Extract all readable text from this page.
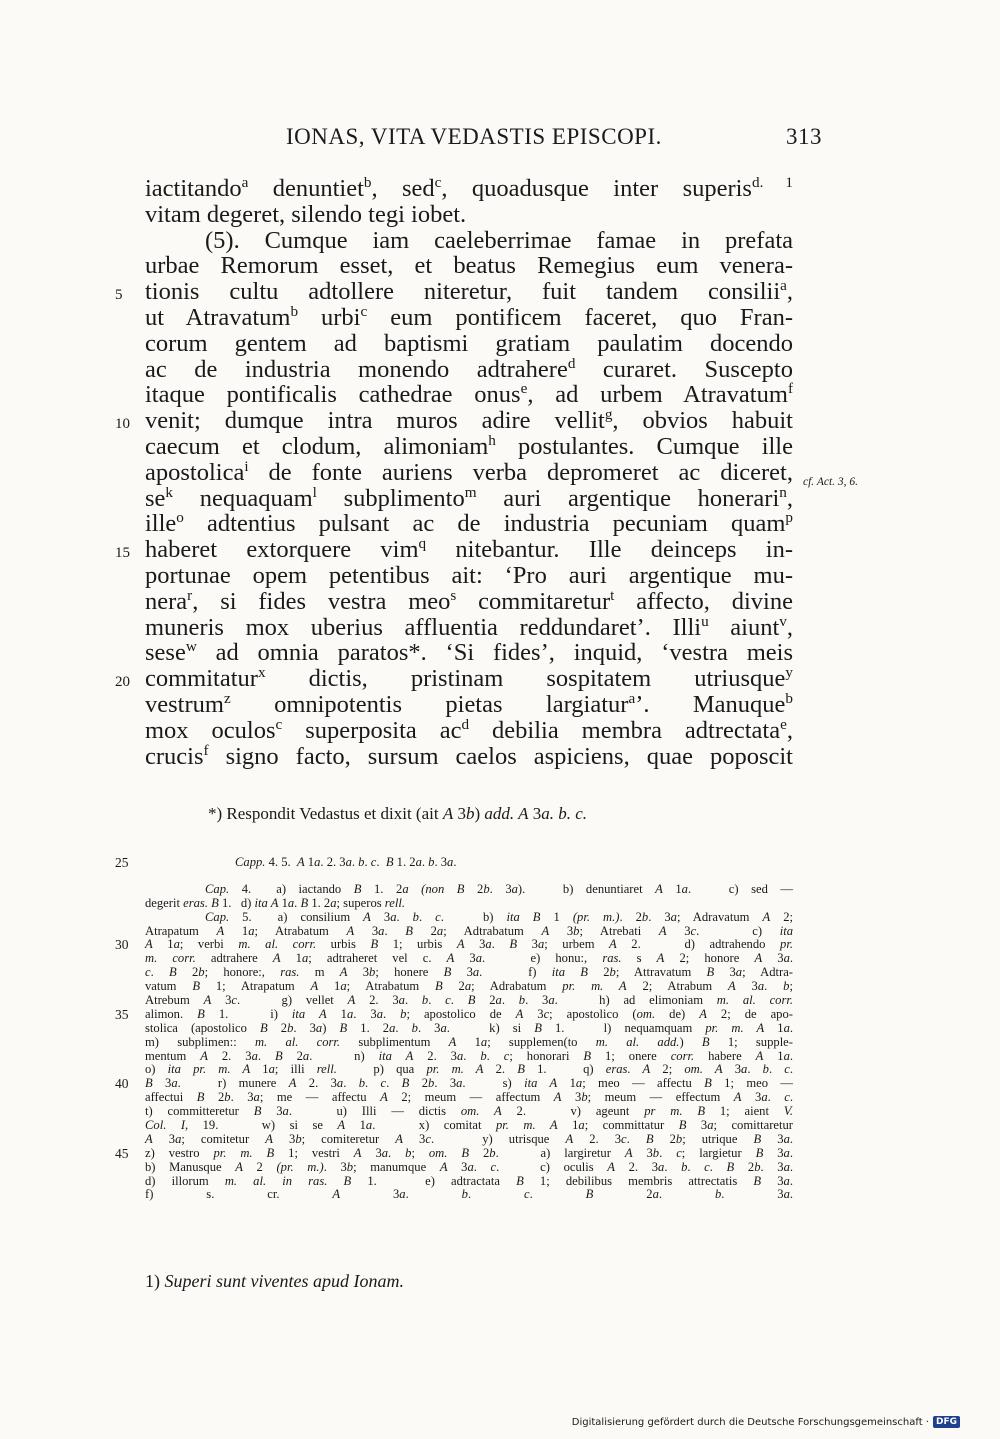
IONAS, VITA VEDASTIS EPISCOPI.	313
iactitando$^a$ denuntiet$^b$, sed$^c$, quoadusque inter superis$^{d. 1}$
vitam degeret, silendo tegi iobet.
(5). Cumque iam caeleberrimae famae in prefata
urbae Remorum esset, et beatus Remegius eum venera-
tionis cultu adtollere niteretur, fuit tandem consilii$^a$,
5
ut Atravatum$^b$ urbi$^c$ eum pontificem faceret, quo Fran-
corum gentem ad baptismi gratiam paulatim docendo
ac de industria monendo adtrahere$^d$ curaret. Suscepto
itaque pontificalis cathedrae onus$^e$, ad urbem Atravatum$^f$
venit; dumque intra muros adire vellit$^g$, obvios habuit
10
caecum et clodum, alimoniam$^h$ postulantes. Cumque ille
apostolica$^i$ de fonte auriens verba depromeret ac diceret,
$se^k$ nequaquam$^l$ subplimento$^m$ auri argentique honerari$^n$,
ille$^o$ adtentius pulsant ac de industria pecuniam quam$^p$
haberet extorquere vim$^q$ nitebantur. Ille deinceps in-
15
portunae opem petentibus ait: ‘Pro auri argentique mu-
nera$^r$, si fides vestra meo$^s$ commitaretur$^t$ affecto, divine
muneris mox uberius affluentia reddundaret’. Illi$^u$ aiunt$^v$,
sese$^w$ ad omnia paratos*. ‘Si fides’, inquid, ‘vestra meis
commitatur$^x$ dictis, pristinam sospitatem utriusque$^y$
20
vestrum$^z$ omnipotentis pietas largiatur$^a$’. Manuque$^b$
mox oculos$^c$ superposita $ac^d$ debilia membra adtrectata$^e$,
crucis$^f$ signo facto, sursum caelos aspiciens, quae poposcit
cf. Act. 3, 6.
*) Respondit Vedastus et dixit (ait A 3b) add. A 3a. b. c.
Capp. 4. 5.  A 1a. 2. 3a. b. c.  B 1. 2a. b. 3a.
25
Cap. 4.  a) iactando B 1. 2a (non B 2b. 3a).   b) denuntiaret A 1a.   c) sed —
degerit eras. B 1.   d) ita A 1a. B 1. 2a; superos rell.
Cap. 5.  a) consilium A 3a. b. c.   b) ita B 1 (pr. m.). 2b. 3a; Adravatum A 2;
Atrapatum A 1a; Atrabatum A 3a. B 2a; Adtrabatum A 3b; Atrebati A 3c.   c) ita
A 1a; verbi m. al. corr. urbis B 1; urbis A 3a. B 3a; urbem A 2.   d) adtrahendo pr.
30
m. corr. adtrahere A 1a; adtraheret vel c. A 3a.   e) honu:, ras. s A 2; honore A 3a.
c. B 2b; honore:, ras. m A 3b; honere B 3a.   f) ita B 2b; Attravatum B 3a; Adtra-
vatum B 1; Atrapatum A 1a; Atrabatum B 2a; Adrabatum pr. m. A 2; Atrabum A 3a. b;
Atrebum A 3c.   g) vellet A 2. 3a. b. c. B 2a. b. 3a.   h) ad elimoniam m. al. corr.
alimon. B 1.   i) ita A 1a. 3a. b; apostolico de A 3c; apostolico (om. de) A 2; de apo-
35
stolica (apostolico B 2b. 3a) B 1. 2a. b. 3a.   k) si B 1.   l) nequamquam pr. m. A 1a.
m) subplimen:: m. al. corr. subplimentum A 1a; supplemen(to m. al. add.) B 1; supple-
mentum A 2. 3a. B 2a.   n) ita A 2. 3a. b. c; honorari B 1; onere corr. habere A 1a.
o) ita pr. m. A 1a; illi rell.   p) qua pr. m. A 2. B 1.   q) eras. A 2; om. A 3a. b. c.
B 3a.   r) munere A 2. 3a. b. c. B 2b. 3a.   s) ita A 1a; meo — affectu B 1; meo —
40
affectui B 2b. 3a; me — affectu A 2; meum — affectum A 3b; meum — effectum A 3a. c.
t) committeretur B 3a.   u) Illi — dictis om. A 2.   v) ageunt pr m. B 1; aient V.
Col. I, 19.   w) si se A 1a.   x) comitat pr. m. A 1a; committatur B 3a; comittaretur
A 3a; comitetur A 3b; comiteretur A 3c.   y) utrisque A 2. 3c. B 2b; utrique B 3a.
z) vestro pr. m. B 1; vestri A 3a. b; om. B 2b.   a) largiretur A 3b. c; largietur B 3a.
45
b) Manusque A 2 (pr. m.). 3b; manumque A 3a. c.   c) oculis A 2. 3a. b. c. B 2b. 3a.
d) illorum m. al. in ras. B 1.   e) adtractata B 1; debilibus membris attrectatis B 3a.
f) s. cr. A 3a. b. c. B 2a. b. 3a.
1) Superi sunt viventes apud Ionam.
Digitalisierung gefördert durch die Deutsche Forschungsgemeinschaft · DFG
